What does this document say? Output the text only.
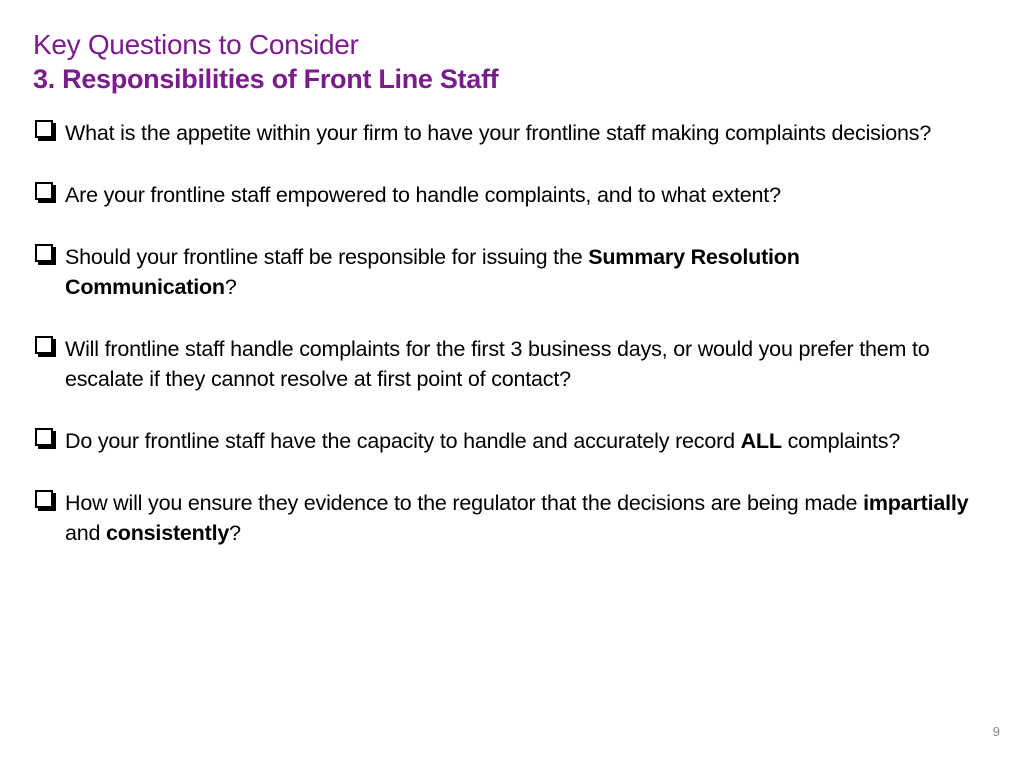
Key Questions to Consider
3. Responsibilities of Front Line Staff
What is the appetite within your firm to have your frontline staff making complaints decisions?
Are your frontline staff empowered to handle complaints, and to what extent?
Should your frontline staff be responsible for issuing the Summary Resolution Communication?
Will frontline staff handle complaints for the first 3 business days, or would you prefer them to escalate if they cannot resolve at first point of contact?
Do your frontline staff have the capacity to handle and accurately record ALL complaints?
How will you ensure they evidence to the regulator that the decisions are being made impartially and consistently?
9
